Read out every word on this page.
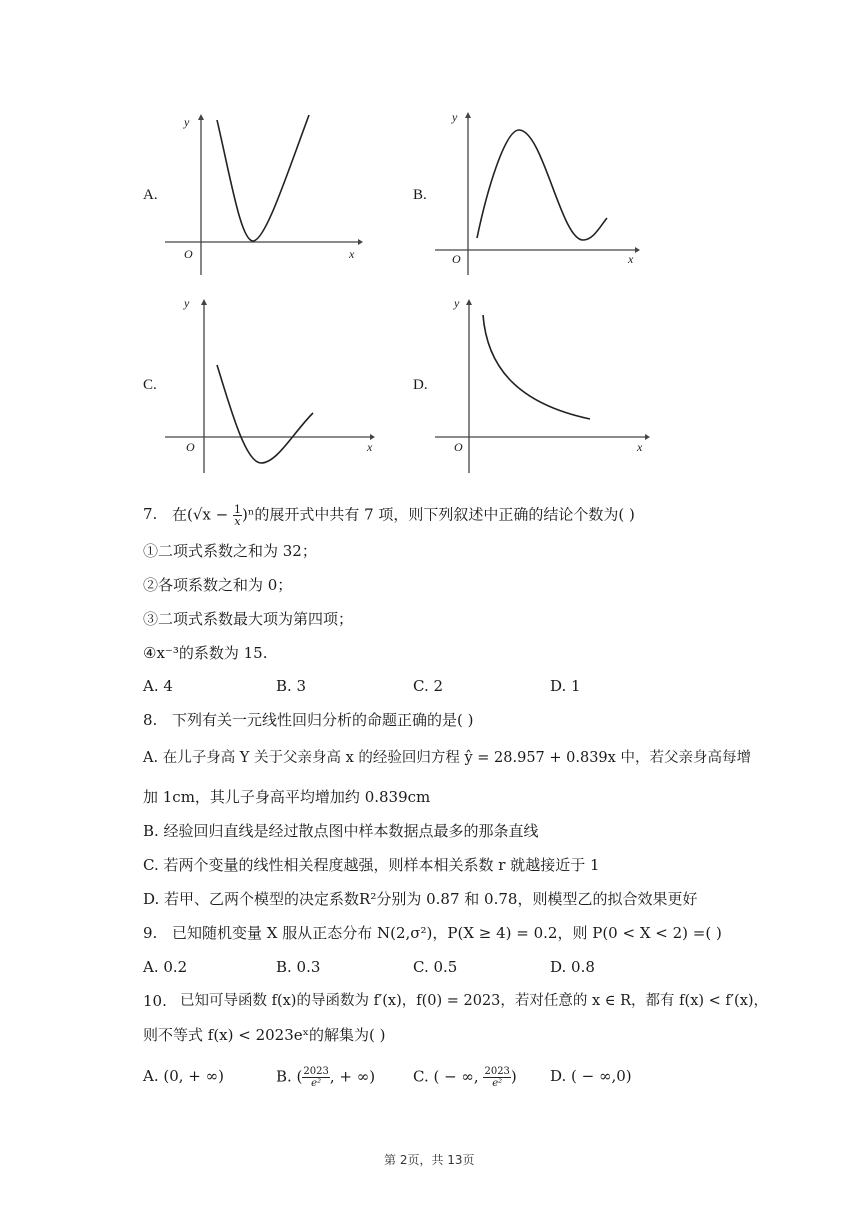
A.
y
x
O
B.
y
x
O
C.
y
x
O
D.
y
x
O
7. 在$(√x - \frac{1}{x} )^n$的展开式中共有 7 项，则下列叙述中正确的结论个数为( )
①二项式系数之和为 32；
②各项系数之和为 0；
③二项式系数最大项为第四项；
④x⁻³的系数为 15.
A. 4	B. 3	C. 2	D. 1
8. 下列有关一元线性回归分析的命题正确的是( )
A. 在儿子身高 Y 关于父亲身高 x 的经验回归方程 ŷ = 28.957 + 0.839x 中，若父亲身高每增
加 1cm，其儿子身高平均增加约 0.839cm
B. 经验回归直线是经过散点图中样本数据点最多的那条直线
C. 若两个变量的线性相关程度越强，则样本相关系数 r 就越接近于 1
D. 若甲、乙两个模型的决定系数R²分别为 0.87 和 0.78，则模型乙的拟合效果更好
9. 已知随机变量 X 服从正态分布 N(2,σ²)，P(X ≥ 4) = 0.2，则 P(0 < X < 2) =( )
A. 0.2	B. 0.3	C. 0.5	D. 0.8
10. 已知可导函数 f(x)的导函数为 f′(x)，f(0) = 2023，若对任意的 x ∈ R，都有 f(x) < f′(x)，
则不等式 f(x) < 2023eˣ的解集为( )
A. (0, + ∞)	B. ( $\frac{2023}{\text{e²}}$ , + ∞)	C. ( − ∞, $\frac{2023}{\text{e²}}$ ) D. ( − ∞,0)
第 2页，共 13页
